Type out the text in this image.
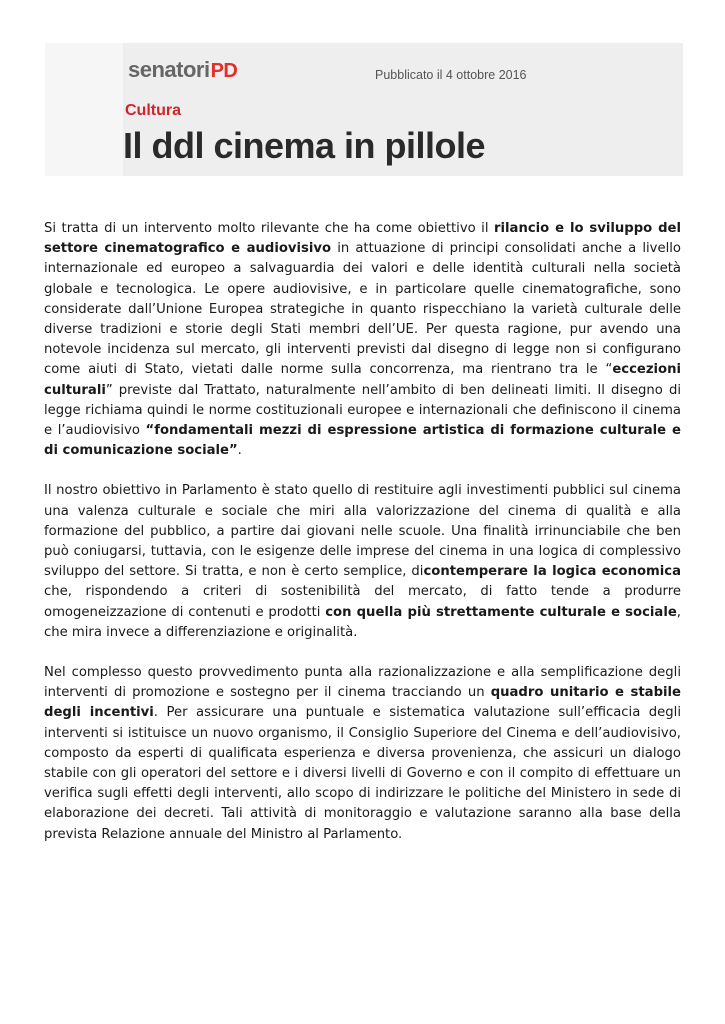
senatoriPD	Pubblicato il 4 ottobre 2016
Cultura
Il ddl cinema in pillole

Si tratta di un intervento molto rilevante che ha come obiettivo il rilancio e lo sviluppo del settore cinematografico e audiovisivo in attuazione di principi consolidati anche a livello internazionale ed europeo a salvaguardia dei valori e delle identità culturali nella società globale e tecnologica. Le opere audiovisive, e in particolare quelle cinematografiche, sono considerate dall’Unione Europea strategiche in quanto rispecchiano la varietà culturale delle diverse tradizioni e storie degli Stati membri dell’UE. Per questa ragione, pur avendo una notevole incidenza sul mercato, gli interventi previsti dal disegno di legge non si configurano come aiuti di Stato, vietati dalle norme sulla concorrenza, ma rientrano tra le “eccezioni culturali” previste dal Trattato, naturalmente nell’ambito di ben delineati limiti. Il disegno di legge richiama quindi le norme costituzionali europee e internazionali che definiscono il cinema e l’audiovisivo “fondamentali mezzi di espressione artistica di formazione culturale e di comunicazione sociale”.

Il nostro obiettivo in Parlamento è stato quello di restituire agli investimenti pubblici sul cinema una valenza culturale e sociale che miri alla valorizzazione del cinema di qualità e alla formazione del pubblico, a partire dai giovani nelle scuole. Una finalità irrinunciabile che ben può coniugarsi, tuttavia, con le esigenze delle imprese del cinema in una logica di complessivo sviluppo del settore. Si tratta, e non è certo semplice, dicontemperare la logica economica che, rispondendo a criteri di sostenibilità del mercato, di fatto tende a produrre omogeneizzazione di contenuti e prodotti con quella più strettamente culturale e sociale, che mira invece a differenziazione e originalità.

Nel complesso questo provvedimento punta alla razionalizzazione e alla semplificazione degli interventi di promozione e sostegno per il cinema tracciando un quadro unitario e stabile degli incentivi. Per assicurare una puntuale e sistematica valutazione sull’efficacia degli interventi si istituisce un nuovo organismo, il Consiglio Superiore del Cinema e dell’audiovisivo, composto da esperti di qualificata esperienza e diversa provenienza, che assicuri un dialogo stabile con gli operatori del settore e i diversi livelli di Governo e con il compito di effettuare un verifica sugli effetti degli interventi, allo scopo di indirizzare le politiche del Ministero in sede di elaborazione dei decreti. Tali attività di monitoraggio e valutazione saranno alla base della prevista Relazione annuale del Ministro al Parlamento.
